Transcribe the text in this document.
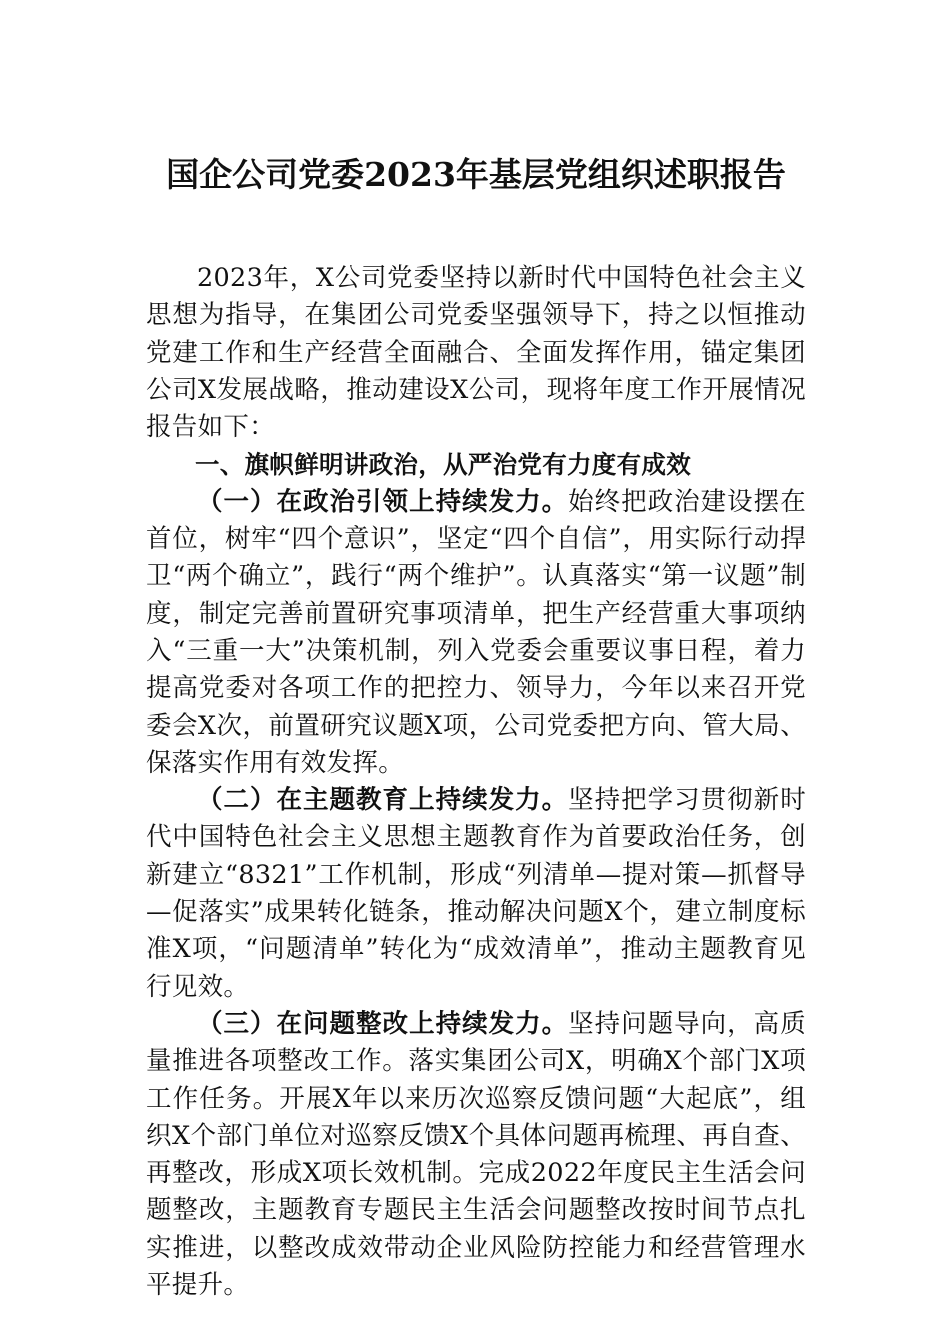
国企公司党委2023年基层党组织述职报告

2023年，X公司党委坚持以新时代中国特色社会主义思想为指导，在集团公司党委坚强领导下，持之以恒推动党建工作和生产经营全面融合、全面发挥作用，锚定集团公司X发展战略，推动建设X公司，现将年度工作开展情况报告如下：

一、旗帜鲜明讲政治，从严治党有力度有成效

（一）在政治引领上持续发力。始终把政治建设摆在首位，树牢“四个意识”，坚定“四个自信”，用实际行动捍卫“两个确立”，践行“两个维护”。认真落实“第一议题”制度，制定完善前置研究事项清单，把生产经营重大事项纳入“三重一大”决策机制，列入党委会重要议事日程，着力提高党委对各项工作的把控力、领导力，今年以来召开党委会X次，前置研究议题X项，公司党委把方向、管大局、保落实作用有效发挥。

（二）在主题教育上持续发力。坚持把学习贯彻新时代中国特色社会主义思想主题教育作为首要政治任务，创新建立“8321”工作机制，形成“列清单—提对策—抓督导—促落实”成果转化链条，推动解决问题X个，建立制度标准X项，“问题清单”转化为“成效清单”，推动主题教育见行见效。

（三）在问题整改上持续发力。坚持问题导向，高质量推进各项整改工作。落实集团公司X，明确X个部门X项工作任务。开展X年以来历次巡察反馈问题“大起底”，组织X个部门单位对巡察反馈X个具体问题再梳理、再自查、再整改，形成X项长效机制。完成2022年度民主生活会问题整改，主题教育专题民主生活会问题整改按时间节点扎实推进，以整改成效带动企业风险防控能力和经营管理水平提升。
